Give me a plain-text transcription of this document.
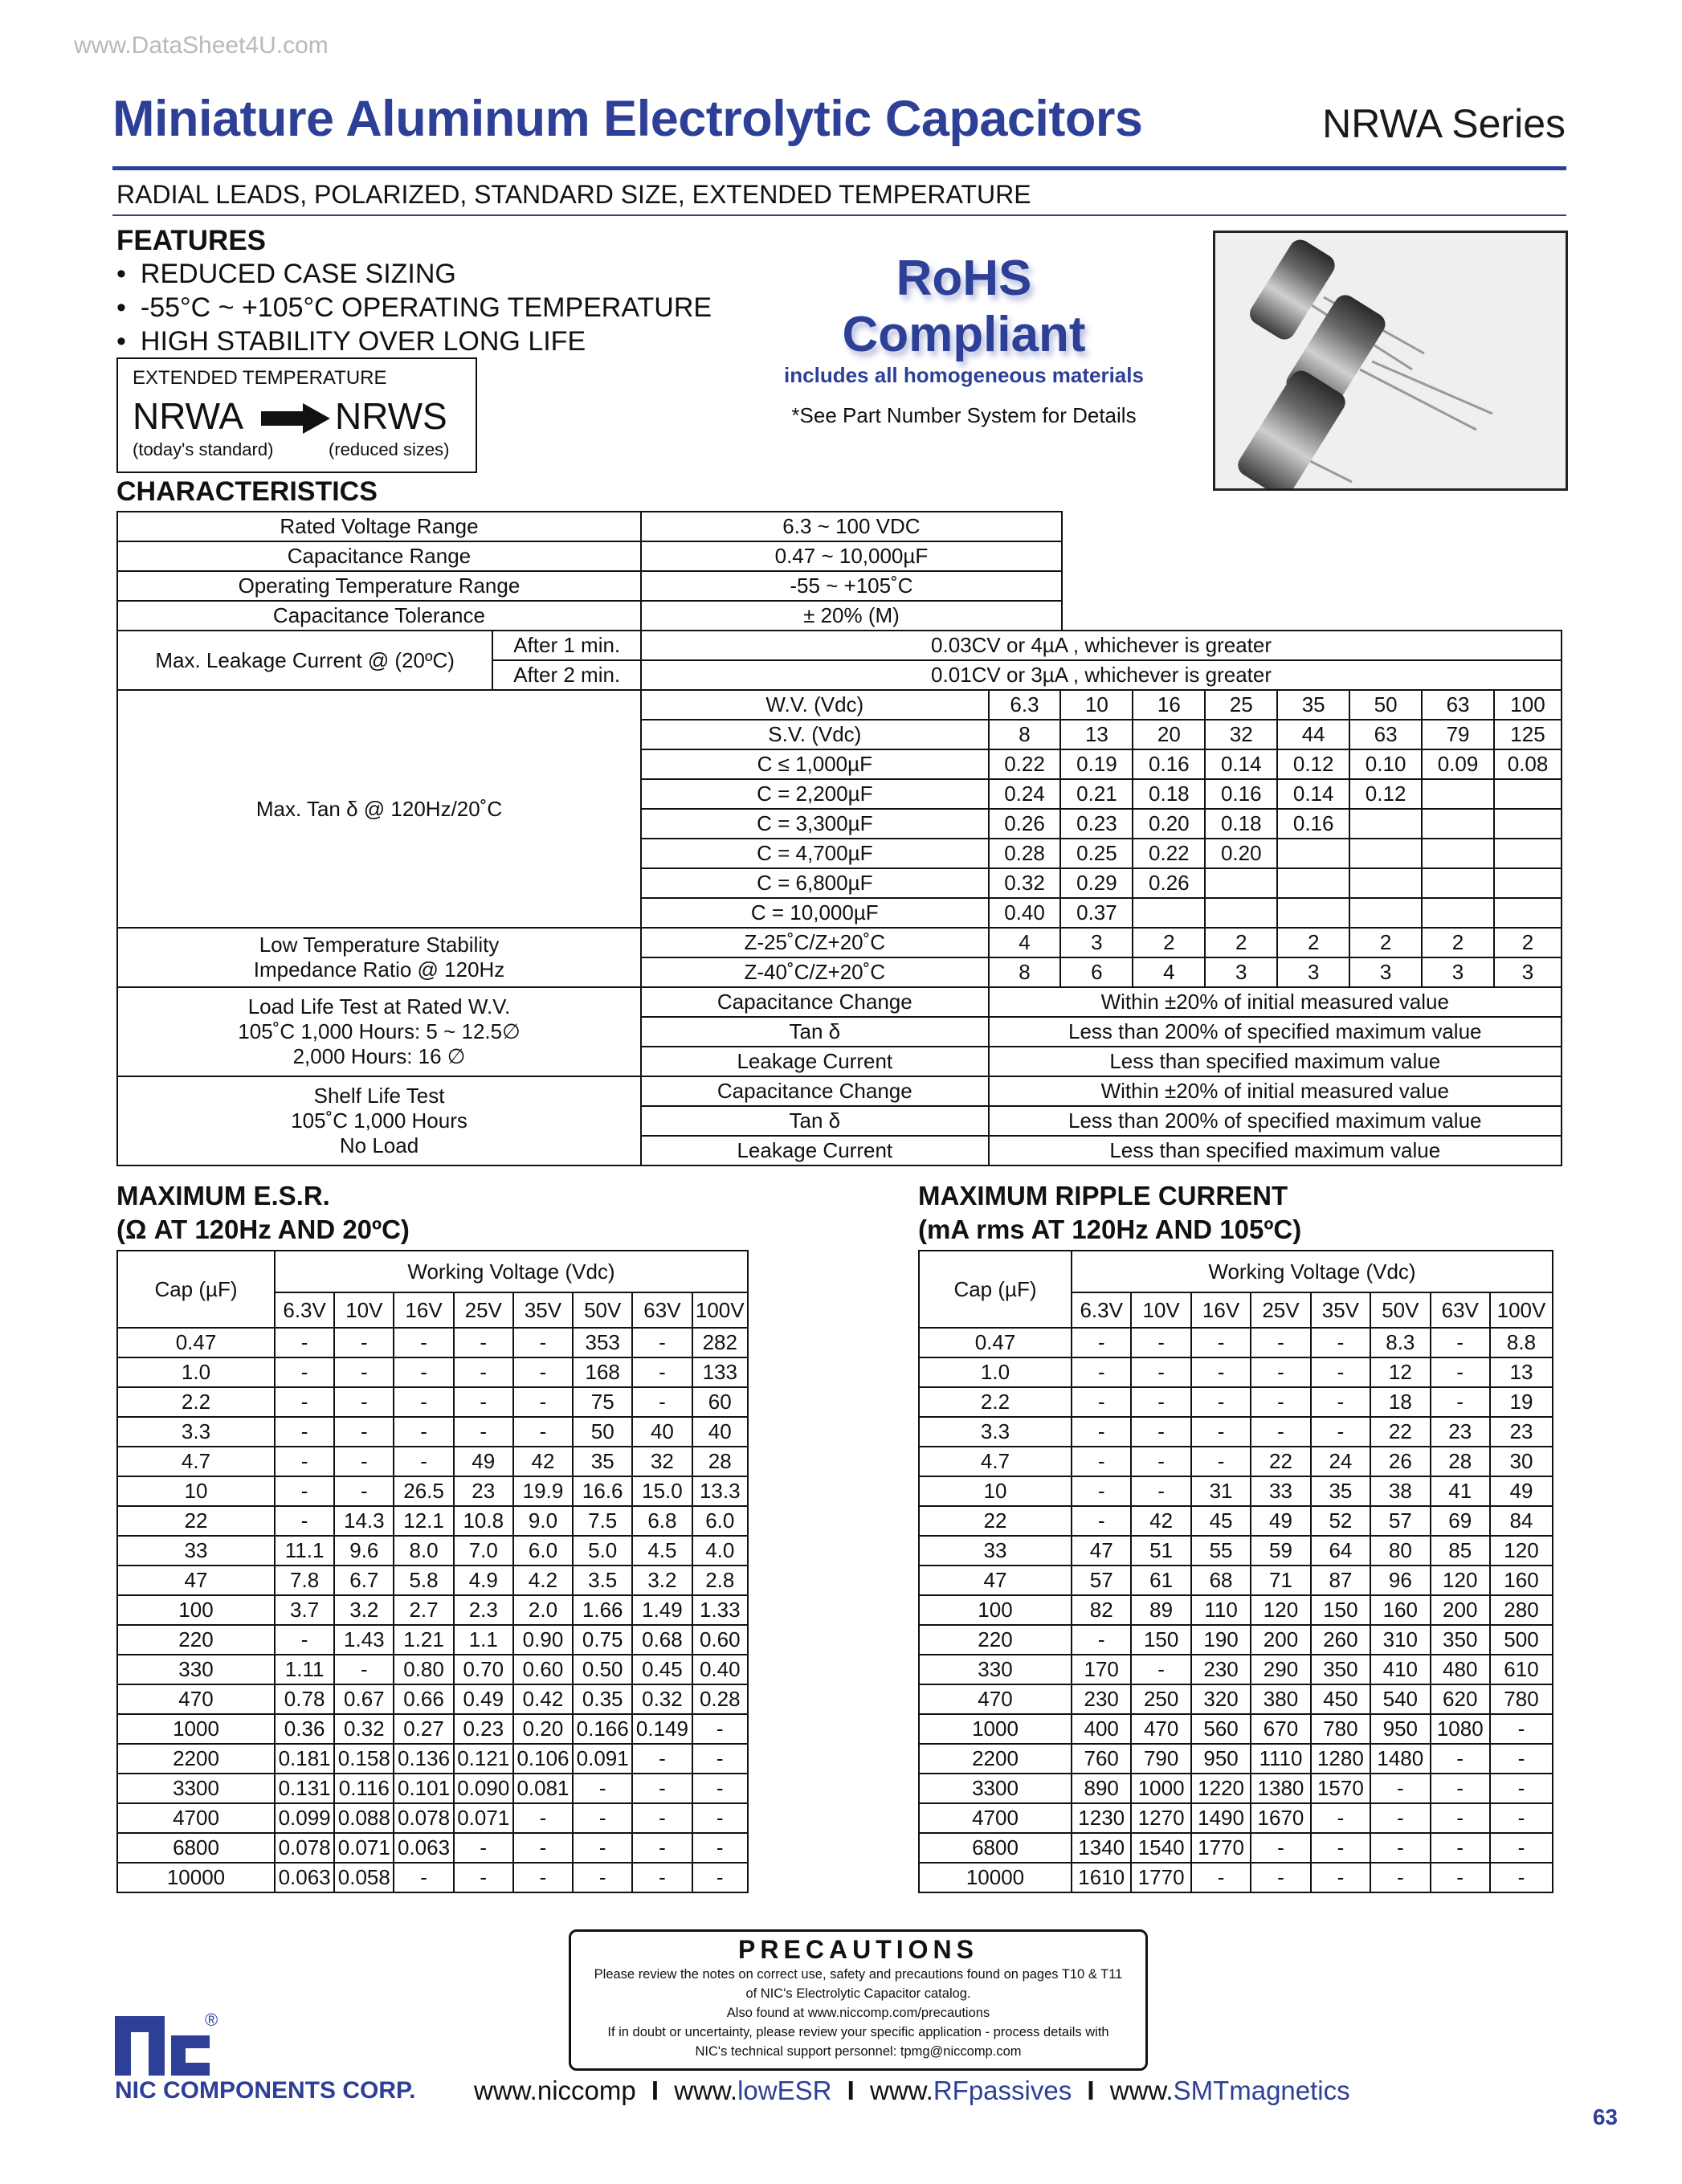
www.DataSheet4U.com
Miniature Aluminum Electrolytic Capacitors	NRWA Series
RADIAL LEADS, POLARIZED, STANDARD SIZE, EXTENDED TEMPERATURE
FEATURES
• REDUCED CASE SIZING
• -55°C ~ +105°C OPERATING TEMPERATURE
• HIGH STABILITY OVER LONG LIFE
EXTENDED TEMPERATURE
NRWA NRWS
(today's standard)	(reduced sizes)
RoHS
Compliant
includes all homogeneous materials
*See Part Number System for Details
CHARACTERISTICS
Rated Voltage Range	6.3 ~ 100 VDC
Capacitance Range	0.47 ~ 10,000µF
Operating Temperature Range	-55 ~ +105˚C
Capacitance Tolerance	± 20% (M)
Max. Leakage Current @ (20ºC)	After 1 min.	0.03CV or 4µA , whichever is greater								
	After 2 min.	0.01CV or 3µA , whichever is greater								
Max. Tan δ @ 120Hz/20˚C		W.V. (Vdc)	6.3	10	16	25	35	50	63	100
		S.V. (Vdc)	8	13	20	32	44	63	79	125
		C ≤ 1,000µF	0.22	0.19	0.16	0.14	0.12	0.10	0.09	0.08
		C = 2,200µF	0.24	0.21	0.18	0.16	0.14	0.12		
		C = 3,300µF	0.26	0.23	0.20	0.18	0.16			
		C = 4,700µF	0.28	0.25	0.22	0.20				
		C = 6,800µF	0.32	0.29	0.26					
		C = 10,000µF	0.40	0.37						

Low Temperature Stability
Impedance Ratio @ 120Hz		Z-25˚C/Z+20˚C	4	3	2	2	2	2	2	2
		Z-40˚C/Z+20˚C	8	6	4	3	3	3	3	3

Load Life Test at Rated W.V.
105˚C 1,000 Hours: 5 ~ 12.5∅
2,000 Hours: 16 ∅		Capacitance Change	Within ±20% of initial measured value							
		Tan δ	Less than 200% of specified maximum value							
		Leakage Current	Less than specified maximum value							

Shelf Life Test
105˚C 1,000 Hours
No Load		Capacitance Change	Within ±20% of initial measured value							
		Tan δ	Less than 200% of specified maximum value							
		Leakage Current	Less than specified maximum value							
MAXIMUM E.S.R.
(Ω AT 120Hz AND 20ºC)
MAXIMUM RIPPLE CURRENT
(mA rms AT 120Hz AND 105ºC)
Cap (µF)	Working Voltage (Vdc)							
	6.3V	10V	16V	25V	35V	50V	63V	100V
0.47	-	-	-	-	-	353	-	282
1.0	-	-	-	-	-	168	-	133
2.2	-	-	-	-	-	75	-	60
3.3	-	-	-	-	-	50	40	40
4.7	-	-	-	49	42	35	32	28
10	-	-	26.5	23	19.9	16.6	15.0	13.3
22	-	14.3	12.1	10.8	9.0	7.5	6.8	6.0
33	11.1	9.6	8.0	7.0	6.0	5.0	4.5	4.0
47	7.8	6.7	5.8	4.9	4.2	3.5	3.2	2.8
100	3.7	3.2	2.7	2.3	2.0	1.66	1.49	1.33
220	-	1.43	1.21	1.1	0.90	0.75	0.68	0.60
330	1.11	-	0.80	0.70	0.60	0.50	0.45	0.40
470	0.78	0.67	0.66	0.49	0.42	0.35	0.32	0.28
1000	0.36	0.32	0.27	0.23	0.20	0.166	0.149	-
2200	0.181	0.158	0.136	0.121	0.106	0.091	-	-
3300	0.131	0.116	0.101	0.090	0.081	-	-	-
4700	0.099	0.088	0.078	0.071	-	-	-	-
6800	0.078	0.071	0.063	-	-	-	-	-
10000	0.063	0.058	-	-	-	-	-	-
Cap (µF)	Working Voltage (Vdc)							
	6.3V	10V	16V	25V	35V	50V	63V	100V
0.47	-	-	-	-	-	8.3	-	8.8
1.0	-	-	-	-	-	12	-	13
2.2	-	-	-	-	-	18	-	19
3.3	-	-	-	-	-	22	23	23
4.7	-	-	-	22	24	26	28	30
10	-	-	31	33	35	38	41	49
22	-	42	45	49	52	57	69	84
33	47	51	55	59	64	80	85	120
47	57	61	68	71	87	96	120	160
100	82	89	110	120	150	160	200	280
220	-	150	190	200	260	310	350	500
330	170	-	230	290	350	410	480	610
470	230	250	320	380	450	540	620	780
1000	400	470	560	670	780	950	1080	-
2200	760	790	950	1110	1280	1480	-	-
3300	890	1000	1220	1380	1570	-	-	-
4700	1230	1270	1490	1670	-	-	-	-
6800	1340	1540	1770	-	-	-	-	-
10000	1610	1770	-	-	-	-	-	-
PRECAUTIONS
Please review the notes on correct use, safety and precautions found on pages T10 & T11
of NIC's Electrolytic Capacitor catalog.
Also found at www.niccomp.com/precautions
If in doubt or uncertainty, please review your specific application - process details with
NIC's technical support personnel: tpmg@niccomp.com
®
NIC COMPONENTS CORP. www.niccomp I www.lowESR I www.RFpassives I www.SMTmagnetics
63
